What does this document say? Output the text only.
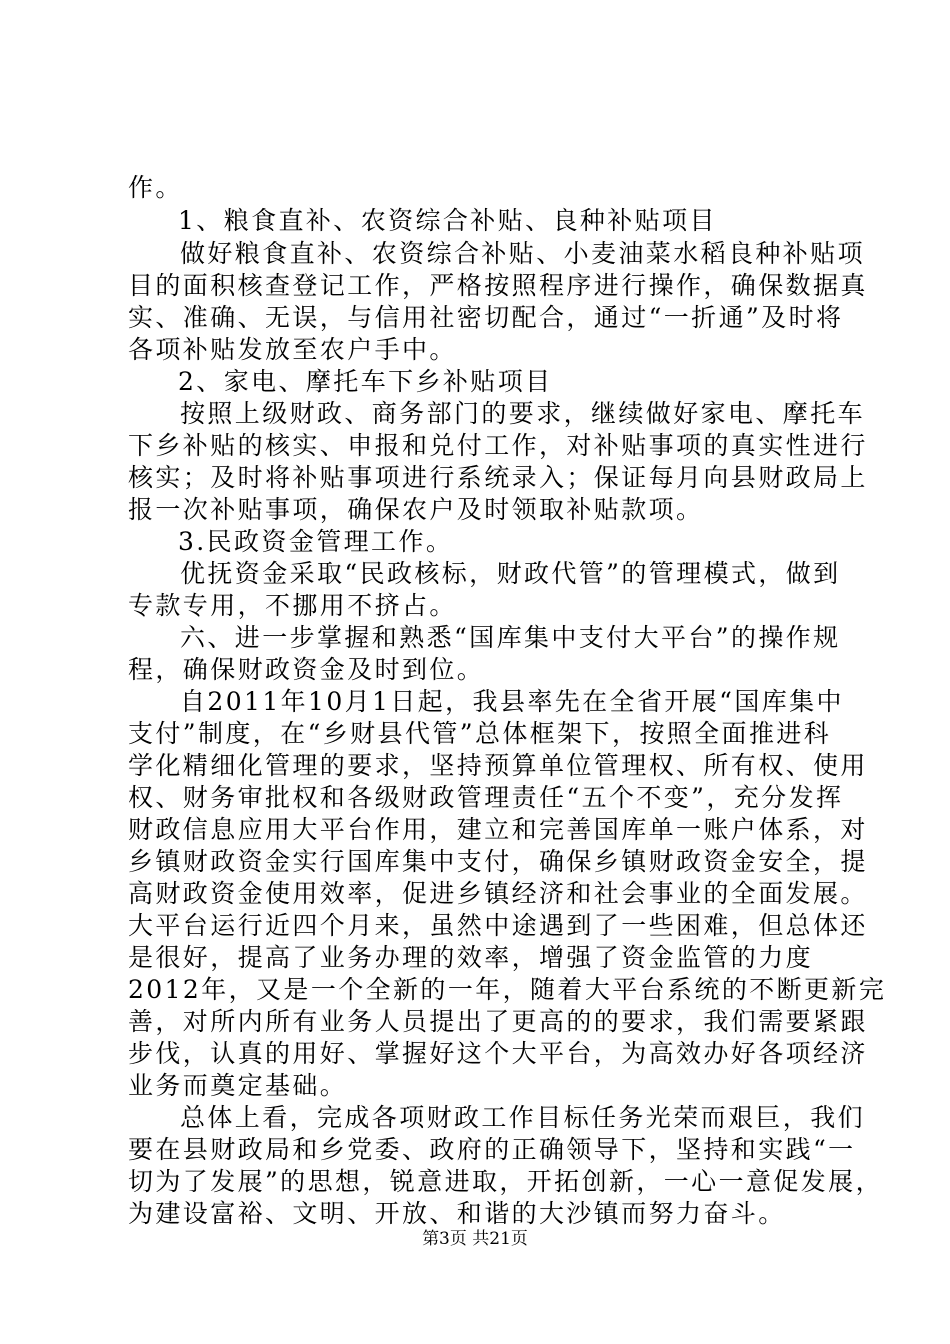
作。
1、粮食直补、农资综合补贴、良种补贴项目
做好粮食直补、农资综合补贴、小麦油菜水稻良种补贴项
目的面积核查登记工作，严格按照程序进行操作，确保数据真
实、准确、无误，与信用社密切配合，通过“一折通”及时将
各项补贴发放至农户手中。
2、家电、摩托车下乡补贴项目
按照上级财政、商务部门的要求，继续做好家电、摩托车
下乡补贴的核实、申报和兑付工作，对补贴事项的真实性进行
核实；及时将补贴事项进行系统录入；保证每月向县财政局上
报一次补贴事项，确保农户及时领取补贴款项。
3.民政资金管理工作。
优抚资金采取“民政核标，财政代管”的管理模式，做到
专款专用，不挪用不挤占。
六、进一步掌握和熟悉“国库集中支付大平台”的操作规
程，确保财政资金及时到位。
自2011年10月1日起，我县率先在全省开展“国库集中
支付”制度，在“乡财县代管”总体框架下，按照全面推进科
学化精细化管理的要求，坚持预算单位管理权、所有权、使用
权、财务审批权和各级财政管理责任“五个不变”，充分发挥
财政信息应用大平台作用，建立和完善国库单一账户体系，对
乡镇财政资金实行国库集中支付，确保乡镇财政资金安全，提
高财政资金使用效率，促进乡镇经济和社会事业的全面发展。
大平台运行近四个月来，虽然中途遇到了一些困难，但总体还
是很好，提高了业务办理的效率，增强了资金监管的力度
2012年，又是一个全新的一年，随着大平台系统的不断更新完
善，对所内所有业务人员提出了更高的的要求，我们需要紧跟
步伐，认真的用好、掌握好这个大平台，为高效办好各项经济
业务而奠定基础。
总体上看，完成各项财政工作目标任务光荣而艰巨，我们
要在县财政局和乡党委、政府的正确领导下，坚持和实践“一
切为了发展”的思想，锐意进取，开拓创新，一心一意促发展，
为建设富裕、文明、开放、和谐的大沙镇而努力奋斗。
第3页 共21页
